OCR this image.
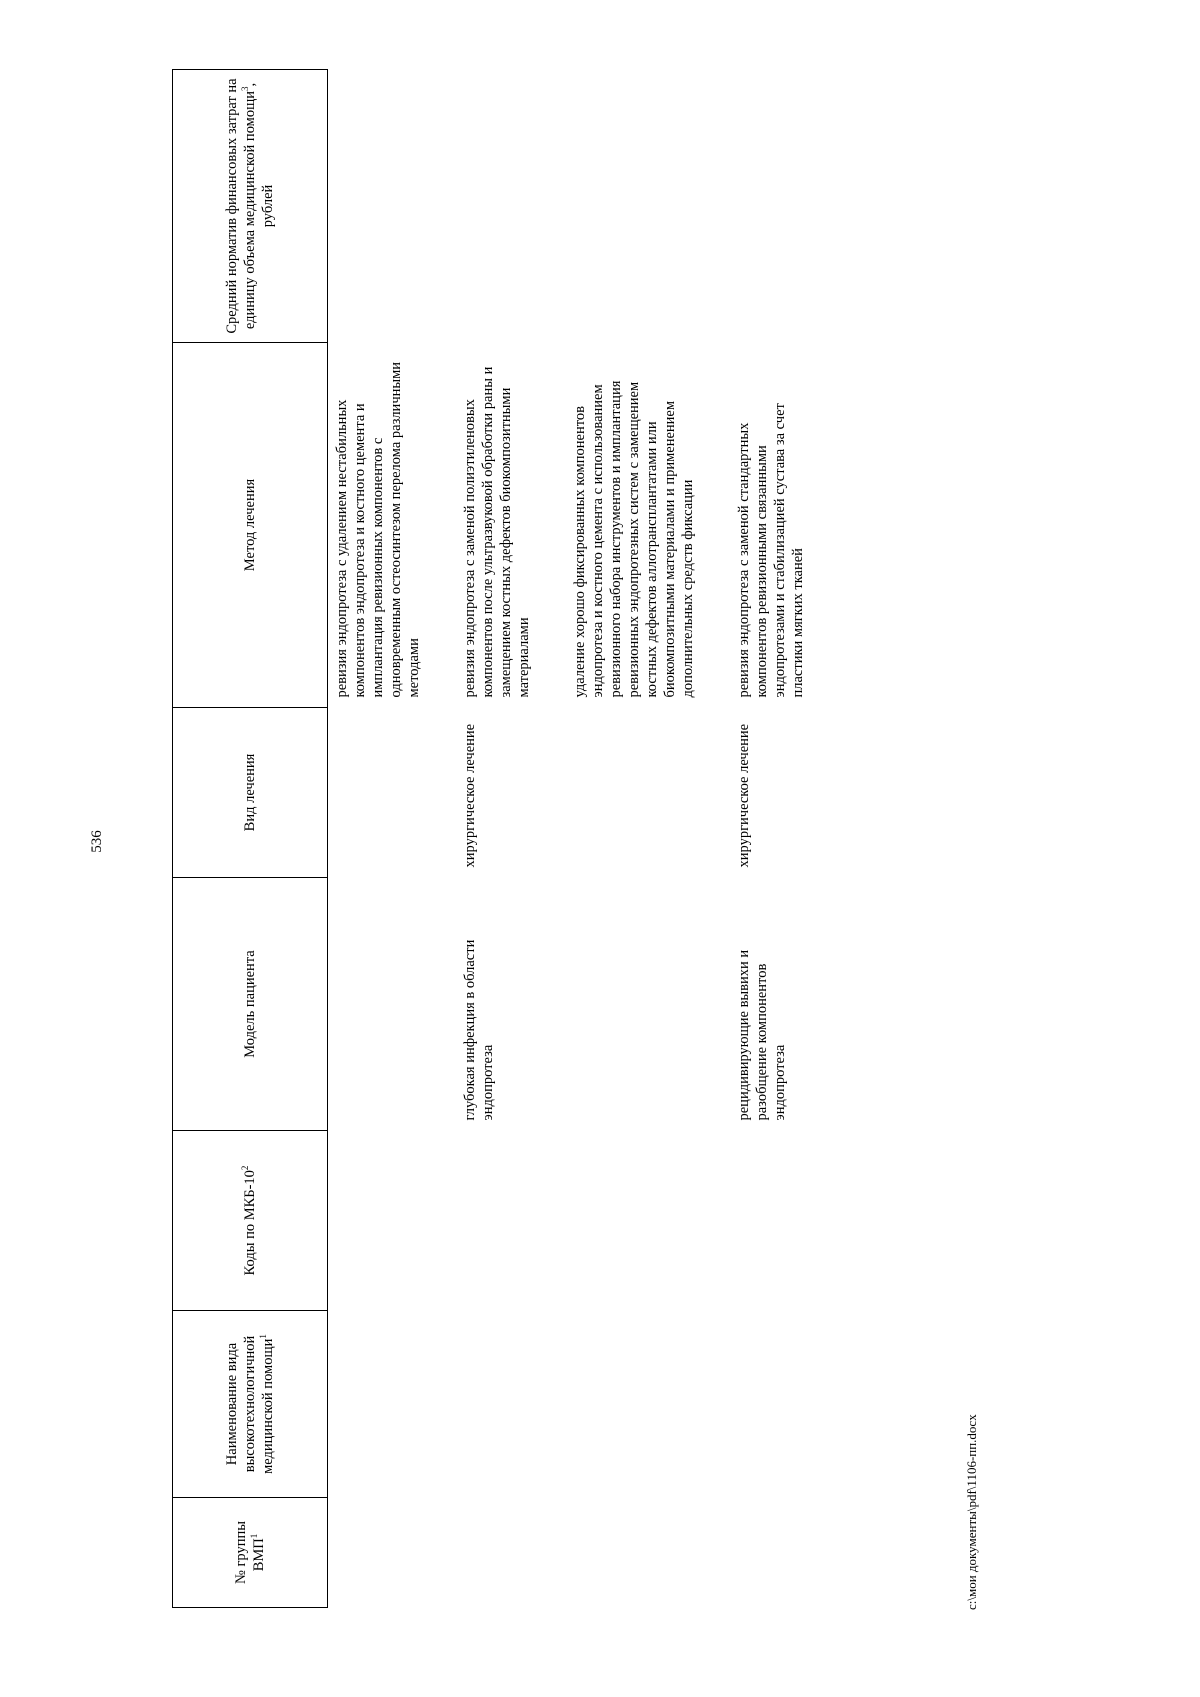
536
№ группы ВМП$^1$	Наименование вида высокотехнологичной медицинской помощи$^1$	Коды по МКБ-$10^2$	Модель пациента	Вид лечения	Метод лечения	Средний норматив финансовых затрат на единицу объема медицинской помощи$^3$, рублей
					ревизия эндопротеза с удалением нестабильных компонентов эндопротеза и костного цемента и имплантация ревизионных компонентов с одновременным остеосинтезом перелома различными методами	

			глубокая инфекция в области эндопротеза	хирургическое лечение	ревизия эндопротеза с заменой полиэтиленовых компонентов после ультразвуковой обработки раны и замещением костных дефектов биокомпозитными материалами	

					удаление хорошо фиксированных компонентов эндопротеза и костного цемента с использованием ревизионного набора инструментов и имплантация ревизионных эндопротезных систем с замещением костных дефектов аллотрансплантатами или биокомпозитными материалами и применением дополнительных средств фиксации	

			рецидивирующие вывихи и разобщение компонентов эндопротеза	хирургическое лечение	ревизия эндопротеза с заменой стандартных компонентов ревизионными связанными эндопротезами и стабилизацией сустава за счет пластики мягких тканей	
c:\мои документы\pdf\1106-пп.docx
